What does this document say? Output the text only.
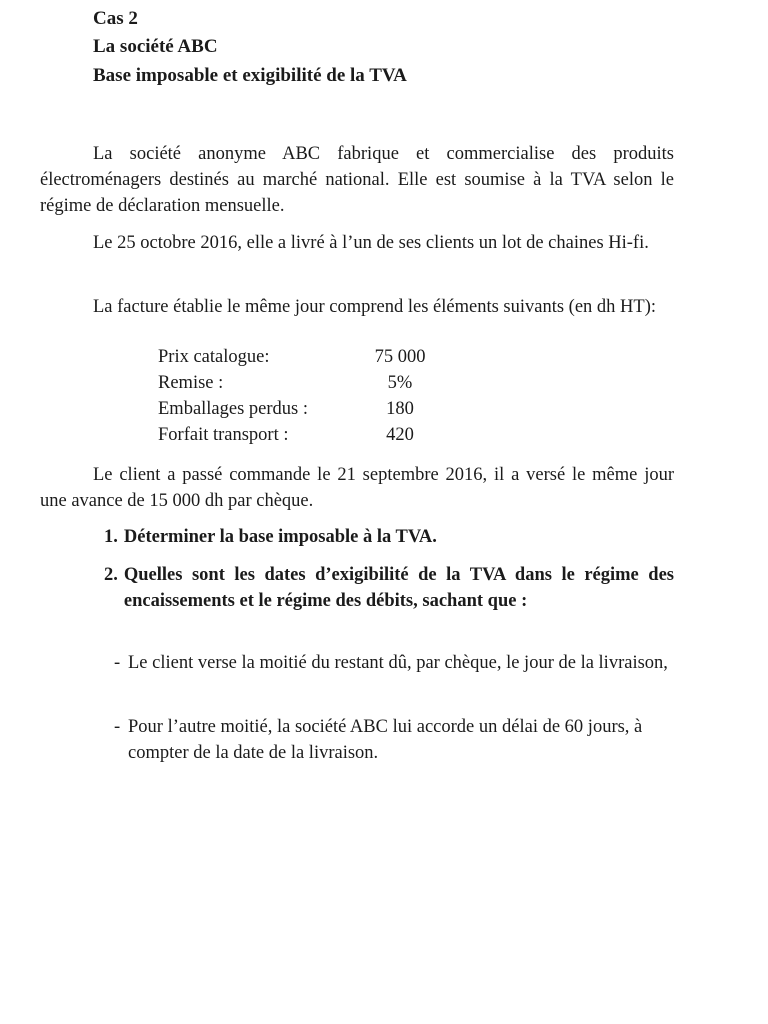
Cas 2
La société ABC
Base imposable et exigibilité de la TVA

La société anonyme ABC fabrique et commercialise des produits électroménagers destinés au marché national. Elle est soumise à la TVA selon le régime de déclaration mensuelle.

Le 25 octobre 2016, elle a livré à l’un de ses clients un lot de chaines Hi-fi.

La facture établie le même jour comprend les éléments suivants (en dh HT):

Prix catalogue:	75 000
Remise :	5%
Emballages perdus :	180
Forfait transport :	420

Le client a passé commande le 21 septembre 2016, il a versé le même jour une avance de 15 000 dh par chèque.

1. Déterminer la base imposable à la TVA.
2. Quelles sont les dates d’exigibilité de la TVA dans le régime des encaissements et le régime des débits, sachant que :
- Le client verse la moitié du restant dû, par chèque, le jour de la livraison,
- Pour l’autre moitié, la société ABC lui accorde un délai de 60 jours, à compter de la date de la livraison.
